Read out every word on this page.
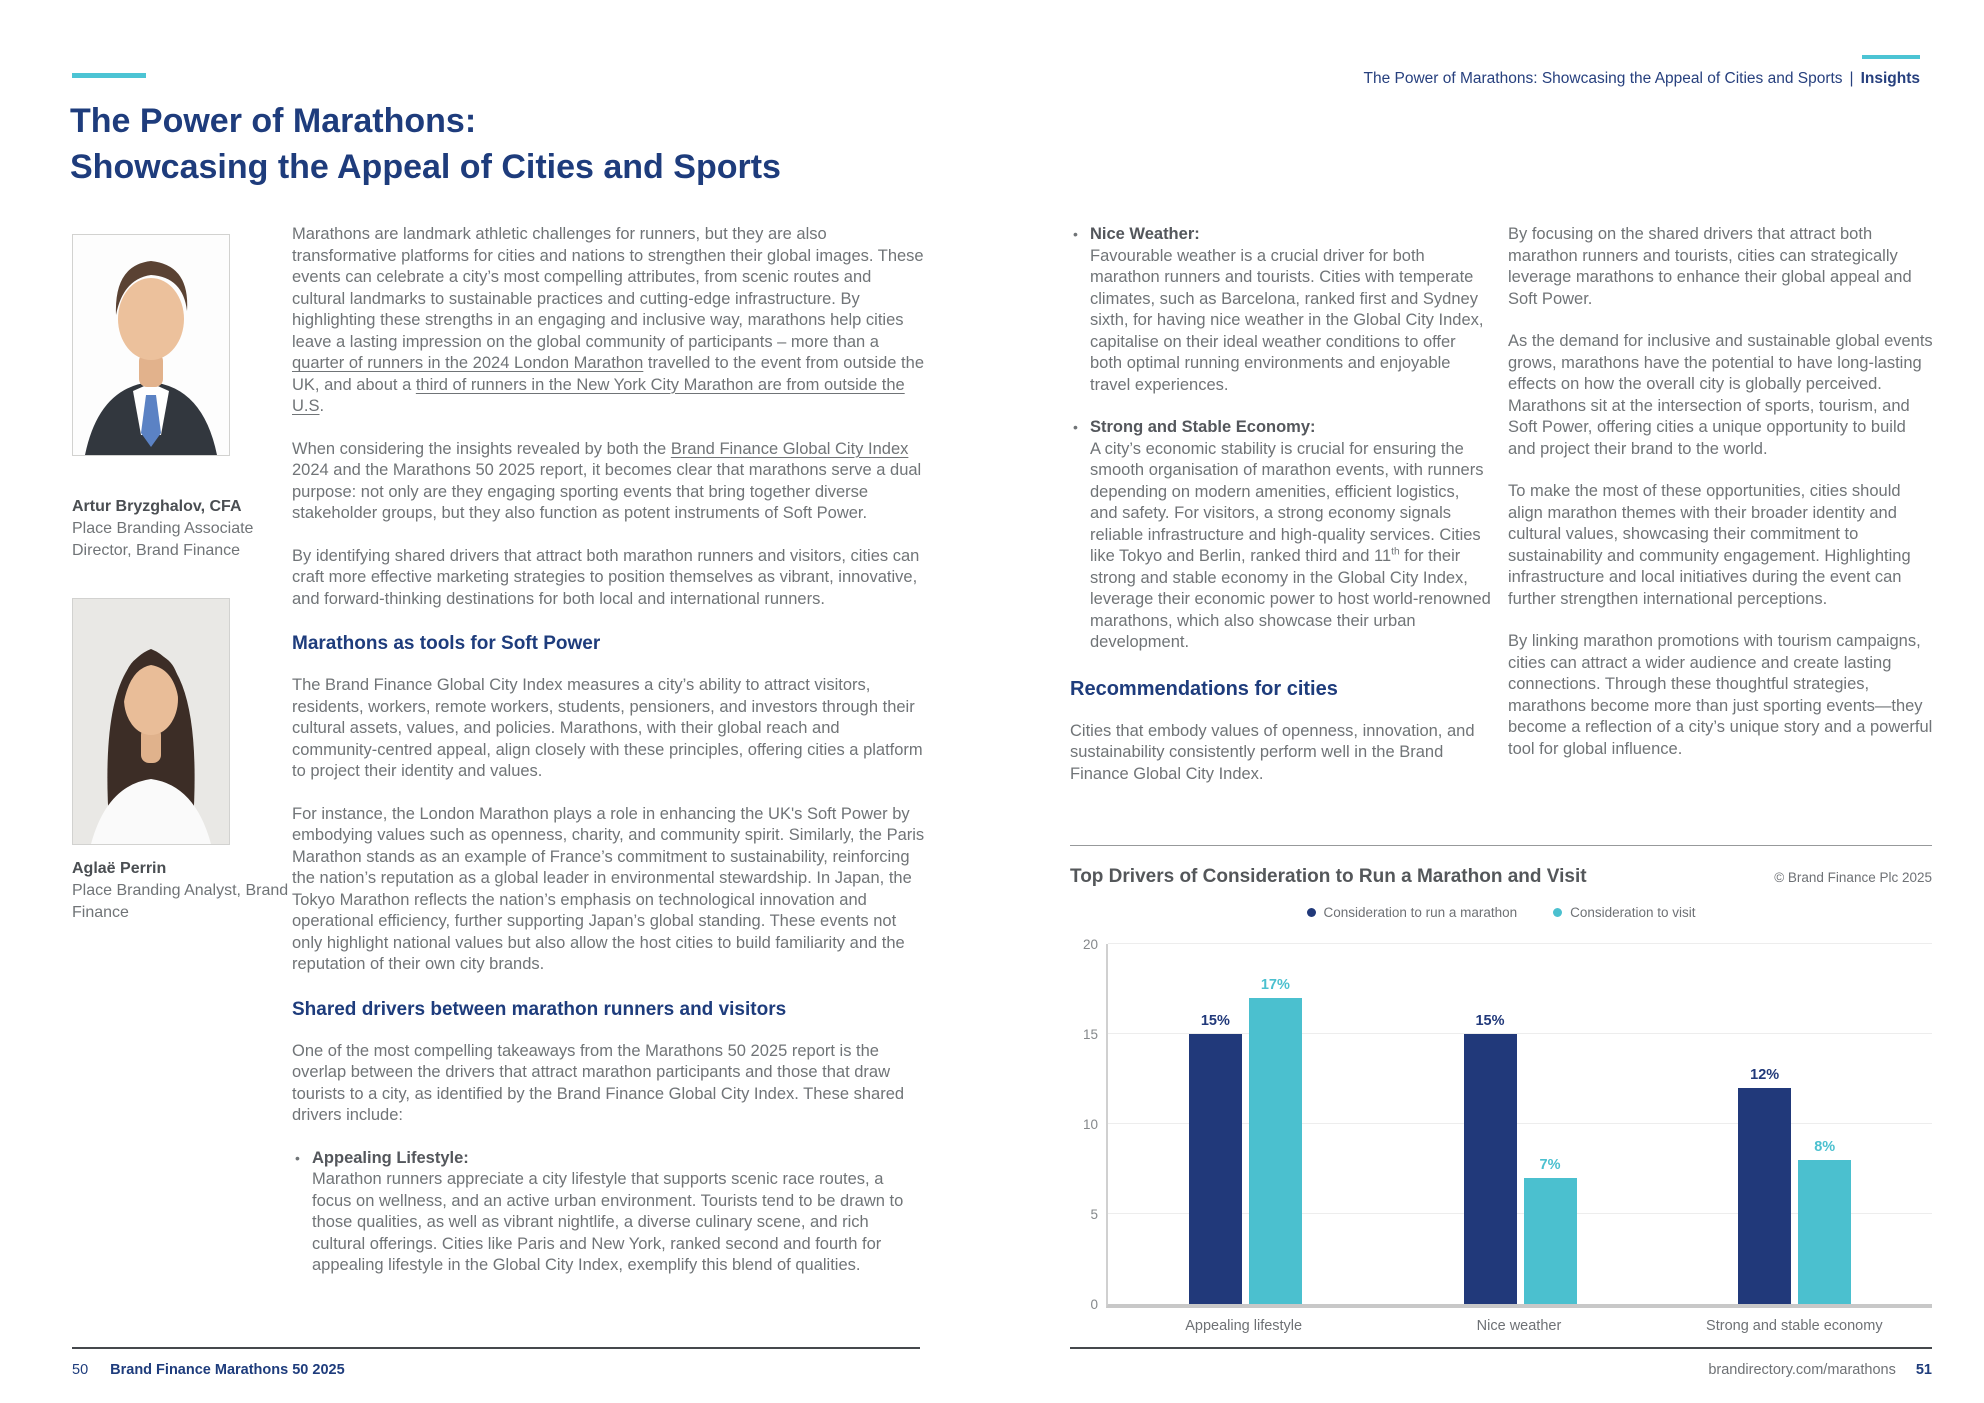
The Power of Marathons: Showcasing the Appeal of Cities and Sports | Insights
The Power of Marathons:
Showcasing the Appeal of Cities and Sports
Artur Bryzghalov, CFA
Place Branding Associate Director, Brand Finance
Aglaë Perrin
Place Branding Analyst, Brand Finance

Marathons are landmark athletic challenges for runners, but they are also transformative platforms for cities and nations to strengthen their global images. These events can celebrate a city’s most compelling attributes, from scenic routes and cultural landmarks to sustainable practices and cutting-edge infrastructure. By highlighting these strengths in an engaging and inclusive way, marathons help cities leave a lasting impression on the global community of participants – more than a quarter of runners in the 2024 London Marathon travelled to the event from outside the UK, and about a third of runners in the New York City Marathon are from outside the U.S.

When considering the insights revealed by both the Brand Finance Global City Index 2024 and the Marathons 50 2025 report, it becomes clear that marathons serve a dual purpose: not only are they engaging sporting events that bring together diverse stakeholder groups, but they also function as potent instruments of Soft Power.

By identifying shared drivers that attract both marathon runners and visitors, cities can craft more effective marketing strategies to position themselves as vibrant, innovative, and forward-thinking destinations for both local and international runners.

Marathons as tools for Soft Power

The Brand Finance Global City Index measures a city’s ability to attract visitors, residents, workers, remote workers, students, pensioners, and investors through their cultural assets, values, and policies. Marathons, with their global reach and community-centred appeal, align closely with these principles, offering cities a platform to project their identity and values.

For instance, the London Marathon plays a role in enhancing the UK's Soft Power by embodying values such as openness, charity, and community spirit. Similarly, the Paris Marathon stands as an example of France’s commitment to sustainability, reinforcing the nation’s reputation as a global leader in environmental stewardship. In Japan, the Tokyo Marathon reflects the nation’s emphasis on technological innovation and operational efficiency, further supporting Japan’s global standing. These events not only highlight national values but also allow the host cities to build familiarity and the reputation of their own city brands.

Shared drivers between marathon runners and visitors

One of the most compelling takeaways from the Marathons 50 2025 report is the overlap between the drivers that attract marathon participants and those that draw tourists to a city, as identified by the Brand Finance Global City Index. These shared drivers include:

• Appealing Lifestyle:
Marathon runners appreciate a city lifestyle that supports scenic race routes, a focus on wellness, and an active urban environment. Tourists tend to be drawn to those qualities, as well as vibrant nightlife, a diverse culinary scene, and rich cultural offerings. Cities like Paris and New York, ranked second and fourth for appealing lifestyle in the Global City Index, exemplify this blend of qualities.
• Nice Weather:
Favourable weather is a crucial driver for both marathon runners and tourists. Cities with temperate climates, such as Barcelona, ranked first and Sydney sixth, for having nice weather in the Global City Index, capitalise on their ideal weather conditions to offer both optimal running environments and enjoyable travel experiences.
• Strong and Stable Economy:
A city’s economic stability is crucial for ensuring the smooth organisation of marathon events, with runners depending on modern amenities, efficient logistics, and safety. For visitors, a strong economy signals reliable infrastructure and high-quality services. Cities like Tokyo and Berlin, ranked third and 11th for their strong and stable economy in the Global City Index, leverage their economic power to host world-renowned marathons, which also showcase their urban development.
Recommendations for cities

Cities that embody values of openness, innovation, and sustainability consistently perform well in the Brand Finance Global City Index.

By focusing on the shared drivers that attract both marathon runners and tourists, cities can strategically leverage marathons to enhance their global appeal and Soft Power.

As the demand for inclusive and sustainable global events grows, marathons have the potential to have long-lasting effects on how the overall city is globally perceived. Marathons sit at the intersection of sports, tourism, and Soft Power, offering cities a unique opportunity to build and project their brand to the world.

To make the most of these opportunities, cities should align marathon themes with their broader identity and cultural values, showcasing their commitment to sustainability and community engagement. Highlighting infrastructure and local initiatives during the event can further strengthen international perceptions.

By linking marathon promotions with tourism campaigns, cities can attract a wider audience and create lasting connections. Through these thoughtful strategies, marathons become more than just sporting events—they become a reflection of a city’s unique story and a powerful tool for global influence.

Top Drivers of Consideration to Run a Marathon and Visit	© Brand Finance Plc 2025
Consideration to run a marathon	Consideration to visit
0
5
10
15
20
15%
17%
15%
7%
12%
8%
Appealing lifestyle	Nice weather	Strong and stable economy
50 Brand Finance Marathons 50 2025	brandirectory.com/marathons 51
